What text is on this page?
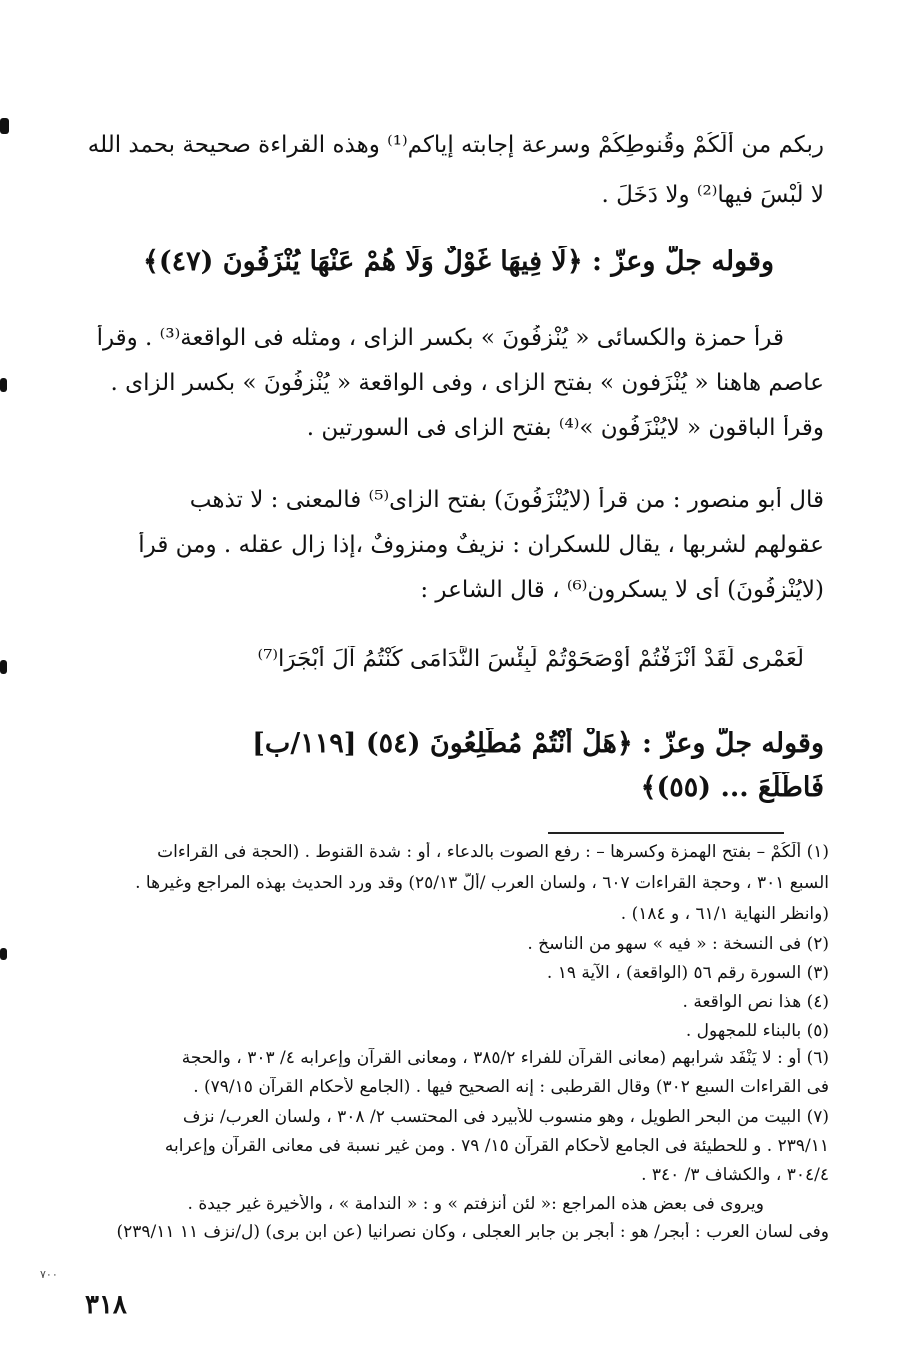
ربكم من ألَكُمْ وقُنوطِكُمْ وسرعة إجابته إياكم⁽¹⁾ وهذه القراءة صحيحة بحمد الله
لا لُبْسَ فيها⁽²⁾ ولا دَخَلَ .
وقوله جلّ وعزّ : ﴿لَا فِيهَا غَوْلٌ وَلَا هُمْ عَنْهَا يُنْزَفُونَ (٤٧)﴾
قرأ حمزة والكسائى « يُنْزِفُونَ » بكسر الزاى ، ومثله فى الواقعة⁽³⁾ . وقرأ
عاصم هاهنا « يُنْزَفون » بفتح الزاى ، وفى الواقعة « يُنْزِفُونَ » بكسر الزاى .
وقرأ الباقون « لايُنْزَفُون »⁽⁴⁾ بفتح الزاى فى السورتين .
قال أبو منصور : من قرأ (لايُنْزَفُونَ) بفتح الزاى⁽⁵⁾ فالمعنى : لا تذهب
عقولهم لشربها ، يقال للسكران : نزيفٌ ومنزوفٌ ،إذا زال عقله . ومن قرأ
(لايُنْزِفُونَ) أى لا يسكرون⁽⁶⁾ ، قال الشاعر :
لَعَمْرِى لَقَدْ أَنْزَفْتُمْ أَوْصَحَوْتُمْ لَبِئْسَ النَّدَامَى كُنْتُمُ آلَ أَبْجَرَا⁽⁷⁾
وقوله جلّ وعزّ : ﴿هَلْ أَنْتُمْ مُطَّلِعُونَ (٥٤) [١١٩/ب]
فَاطَّلَعَ ... (٥٥)﴾
(١) ألَكُمْ – بفتح الهمزة وكسرها – : رفع الصوت بالدعاء ، أو : شدة القنوط . (الحجة فى القراءات
السبع ٣٠١ ، وحجة القراءات ٦٠٧ ، ولسان العرب /ألّ ٢٥/١٣) وقد ورد الحديث بهذه المراجع وغيرها .
(وانظر النهاية ٦١/١ ، و ١٨٤) .
(٢) فى النسخة : « فيه » سهو من الناسخ .
(٣) السورة رقم ٥٦ (الواقعة) ، الآية ١٩ .
(٤) هذا نص الواقعة .
(٥) بالبناء للمجهول .
(٦) أو : لا يَنْفَد شرابهم (معانى القرآن للفراء ٣٨٥/٢ ، ومعانى القرآن وإعرابه ٤/ ٣٠٣ ، والحجة
فى القراءات السبع ٣٠٢) وقال القرطبى : إنه الصحيح فيها . (الجامع لأحكام القرآن ٧٩/١٥) .
(٧) البيت من البحر الطويل ، وهو منسوب للأبيرد فى المحتسب ٢/ ٣٠٨ ، ولسان العرب/ نزف
٢٣٩/١١ . و للحطيئة فى الجامع لأحكام القرآن ١٥/ ٧٩ . ومن غير نسبة فى معانى القرآن وإعرابه
٣٠٤/٤ ، والكشاف ٣/ ٣٤٠ .
ويروى فى بعض هذه المراجع :« لئن أنزفتم » و : « الندامة » ، والأخيرة غير جيدة .
وفى لسان العرب : أبجر/ هو : أبجر بن جابر العجلى ، وكان نصرانيا (عن ابن برى) (ل/نزف ١١ ٢٣٩/١١)
٧٠٠
٣١٨
